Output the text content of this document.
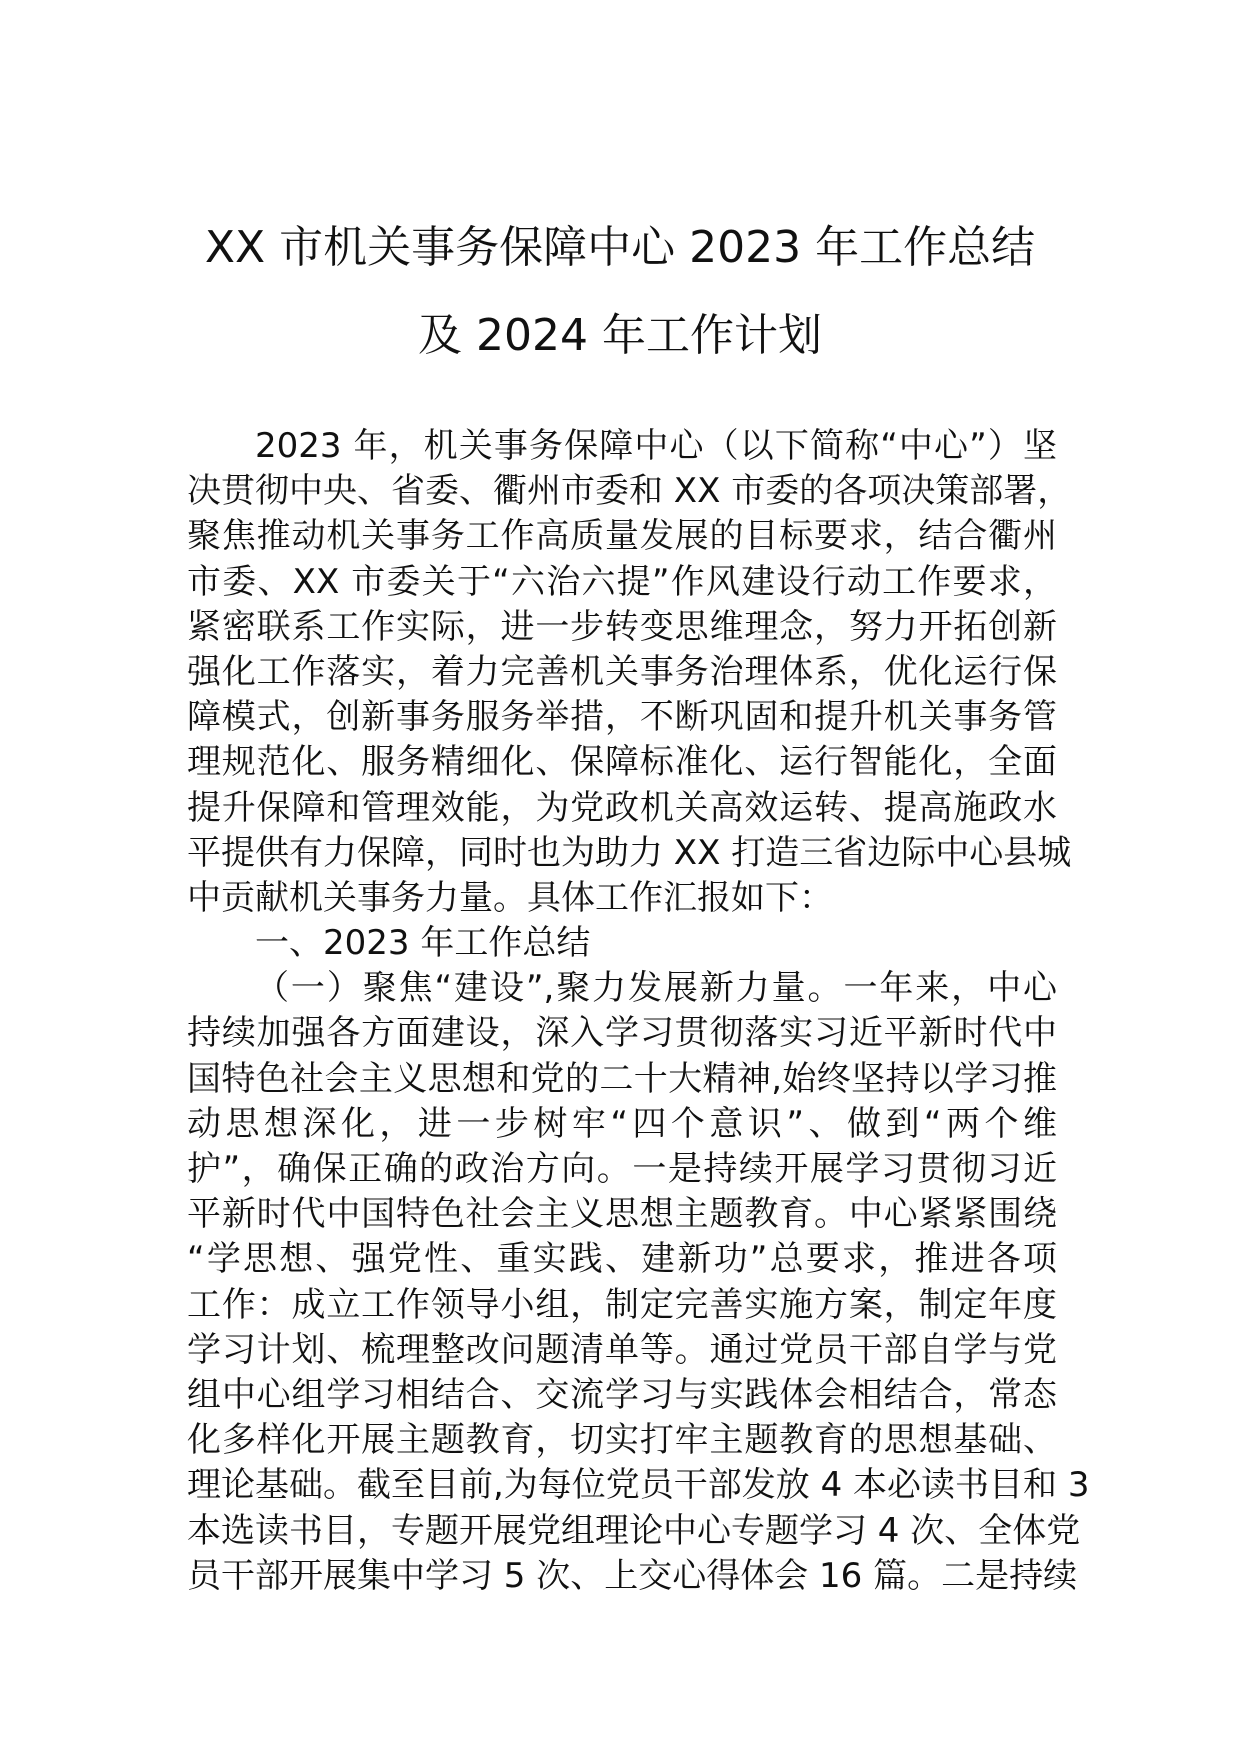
XX 市机关事务保障中心 2023 年工作总结
及 2024 年工作计划
2023 年，机关事务保障中心（以下简称“中心”）坚
决贯彻中央、省委、衢州市委和 XX 市委的各项决策部署，
聚焦推动机关事务工作高质量发展的目标要求，结合衢州
市委、XX 市委关于“六治六提”作风建设行动工作要求，
紧密联系工作实际，进一步转变思维理念，努力开拓创新
强化工作落实，着力完善机关事务治理体系，优化运行保
障模式，创新事务服务举措，不断巩固和提升机关事务管
理规范化、服务精细化、保障标准化、运行智能化，全面
提升保障和管理效能，为党政机关高效运转、提高施政水
平提供有力保障，同时也为助力 XX 打造三省边际中心县城
中贡献机关事务力量。具体工作汇报如下：
一、2023 年工作总结
（一）聚焦“建设”,聚力发展新力量。一年来，中心
持续加强各方面建设，深入学习贯彻落实习近平新时代中
国特色社会主义思想和党的二十大精神,始终坚持以学习推
动思想深化，进一步树牢“四个意识”、做到“两个维
护”，确保正确的政治方向。一是持续开展学习贯彻习近
平新时代中国特色社会主义思想主题教育。中心紧紧围绕
“学思想、强党性、重实践、建新功”总要求，推进各项
工作：成立工作领导小组，制定完善实施方案，制定年度
学习计划、梳理整改问题清单等。通过党员干部自学与党
组中心组学习相结合、交流学习与实践体会相结合，常态
化多样化开展主题教育，切实打牢主题教育的思想基础、
理论基础。截至目前,为每位党员干部发放 4 本必读书目和 3
本选读书目，专题开展党组理论中心专题学习 4 次、全体党
员干部开展集中学习 5 次、上交心得体会 16 篇。二是持续
